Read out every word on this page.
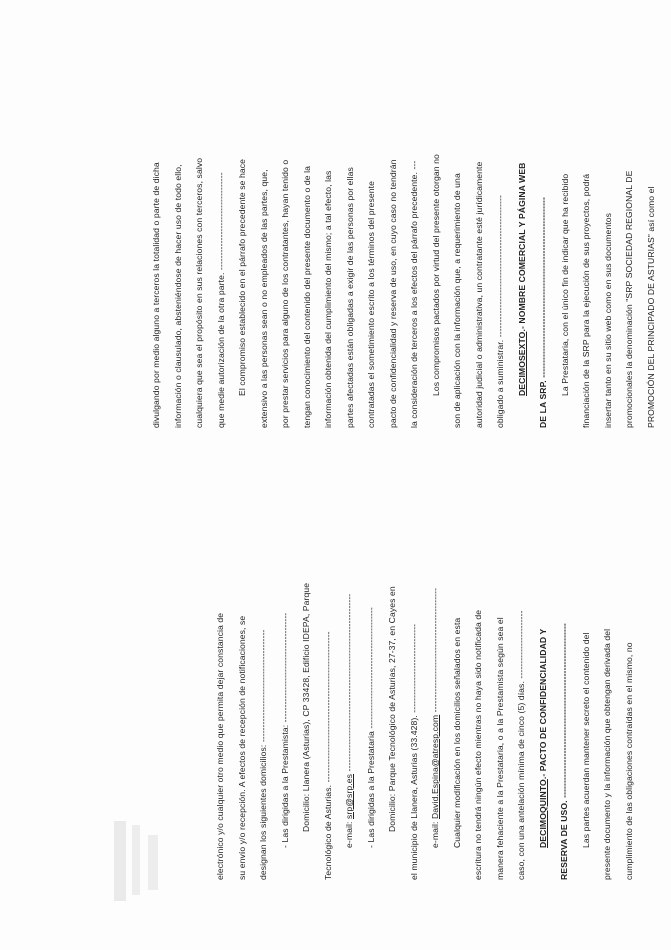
electrónico y/o cualquier otro medio que permita dejar constancia de	su envío y/o recepción. A efectos de recepción de notificaciones, se	designan los siguientes domicilios: --------------------------------------	- Las dirigidas a la Prestamista: -------------------------------------	Domicilio: Llanera (Asturias), CP 33428, Edificio IDEPA, Parque	Tecnológico de Asturias. ---------------------------------------------------	e-mail: srp@srp.es ------------------------------------------------------------	- Las dirigidas a la Prestataria -----------------------------------------	Domicilio: Parque Tecnológico de Asturias, 27-37, en Cayes en	el municipio de Llanera, Asturias (33.428). ------------------------------	e-mail: David.Espina@atresp.com ------------------------------------------	Cualquier modificación en los domicilios señalados en esta	escritura no tendrá ningún efecto mientras no haya sido notificada de	manera fehaciente a la Prestataria, o a la Prestamista según sea el	caso, con una antelación mínima de cinco (5) días. -----------------------	DECIMOQUINTO.- PACTO DE CONFIDENCIALIDAD Y	RESERVA DE USO. -----------------------------------------------------------	Las partes acuerdan mantener secreto el contenido del	presente documento y la información que obtengan derivada del	cumplimiento de las obligaciones contraídas en el mismo, no
divulgando por medio alguno a terceros la totalidad o parte de dicha	información o clausulado, absteniéndose de hacer uso de todo ello,	cualquiera que sea el propósito en sus relaciones con terceros, salvo	que medie autorización de la otra parte. ---------------------------------	El compromiso establecido en el párrafo precedente se hace	extensivo a las personas sean o no empleados de las partes, que,	por prestar servicios para alguno de los contratantes, hayan tenido o	tengan conocimiento del contenido del presente documento o de la	información obtenida del cumplimiento del mismo; a tal efecto, las	partes afectadas están obligadas a exigir de las personas por ellas	contratadas el sometimiento escrito a los términos del presente	pacto de confidencialidad y reserva de uso, en cuyo caso no tendrán	la consideración de terceros a los efectos del párrafo precedente. ---	Los compromisos pactados por virtud del presente otorgan no	son de aplicación con la información que, a requerimiento de una	autoridad judicial o administrativa, un contratante esté jurídicamente	obligado a suministrar. ------------------------------------------------	DECIMOSEXTO.- NOMBRE COMERCIAL Y PÁGINA WEB	DE LA SRP. -------------------------------------------------------------	La Prestataria, con el único fin de indicar que ha recibido	financiación de la SRP para la ejecución de sus proyectos, podrá	insertar tanto en su sitio web como en sus documentos	promocionales la denominación "SRP SOCIEDAD REGIONAL DE	PROMOCIÓN DEL PRINCIPADO DE ASTURIAS" así como el
